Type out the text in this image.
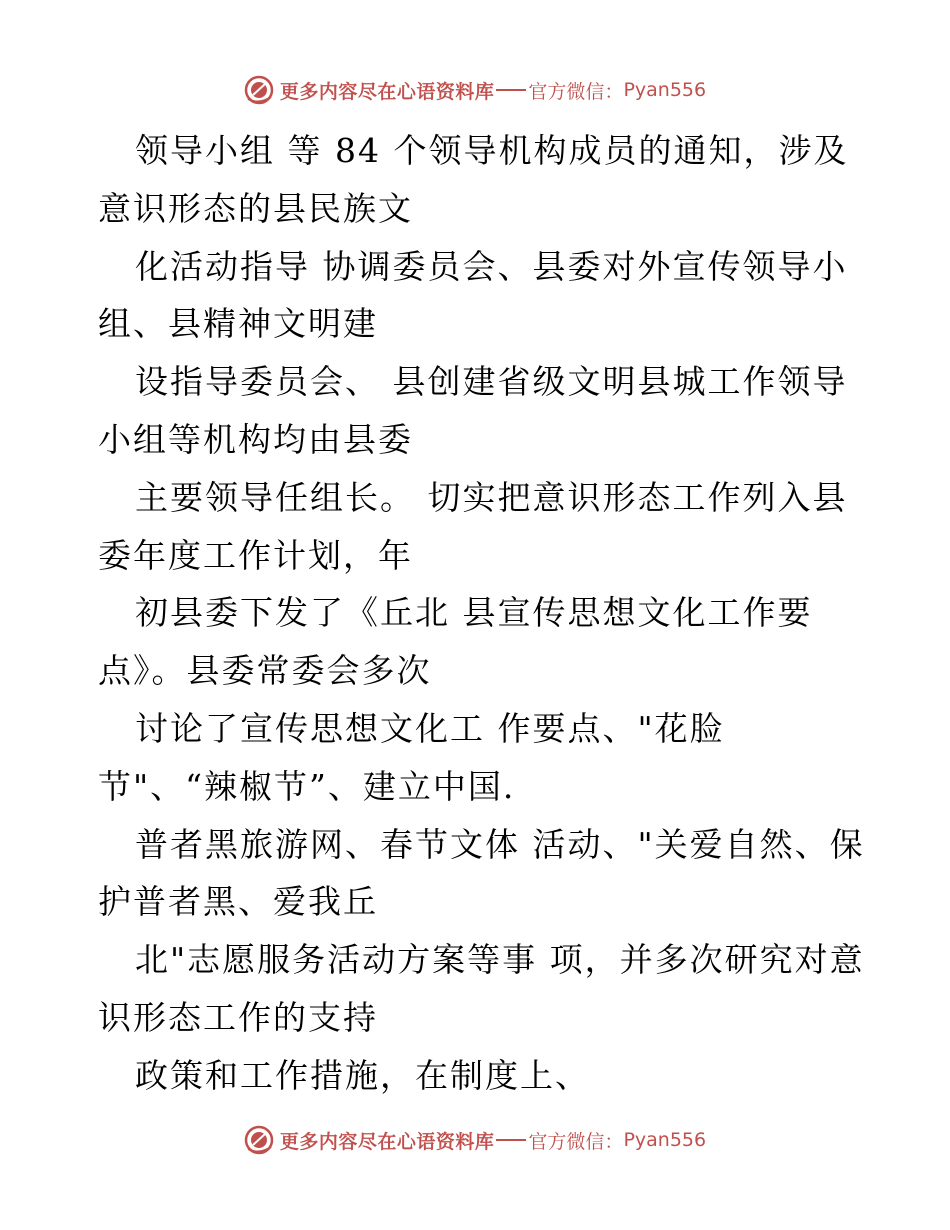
更多内容尽在心语资料库 官方微信： Pyan556
领导小组 等 84 个领导机构成员的通知，涉及
意识形态的县民族文
化活动指导 协调委员会、县委对外宣传领导小
组、县精神文明建
设指导委员会、 县创建省级文明县城工作领导
小组等机构均由县委
主要领导任组长。 切实把意识形态工作列入县
委年度工作计划，年
初县委下发了《丘北 县宣传思想文化工作要
点》。县委常委会多次
讨论了宣传思想文化工 作要点、"花脸
节"、“辣椒节”、建立中国.
普者黑旅游网、春节文体 活动、"关爱自然、保
护普者黑、爱我丘
北"志愿服务活动方案等事 项，并多次研究对意
识形态工作的支持
政策和工作措施，在制度上、
更多内容尽在心语资料库 官方微信： Pyan556
